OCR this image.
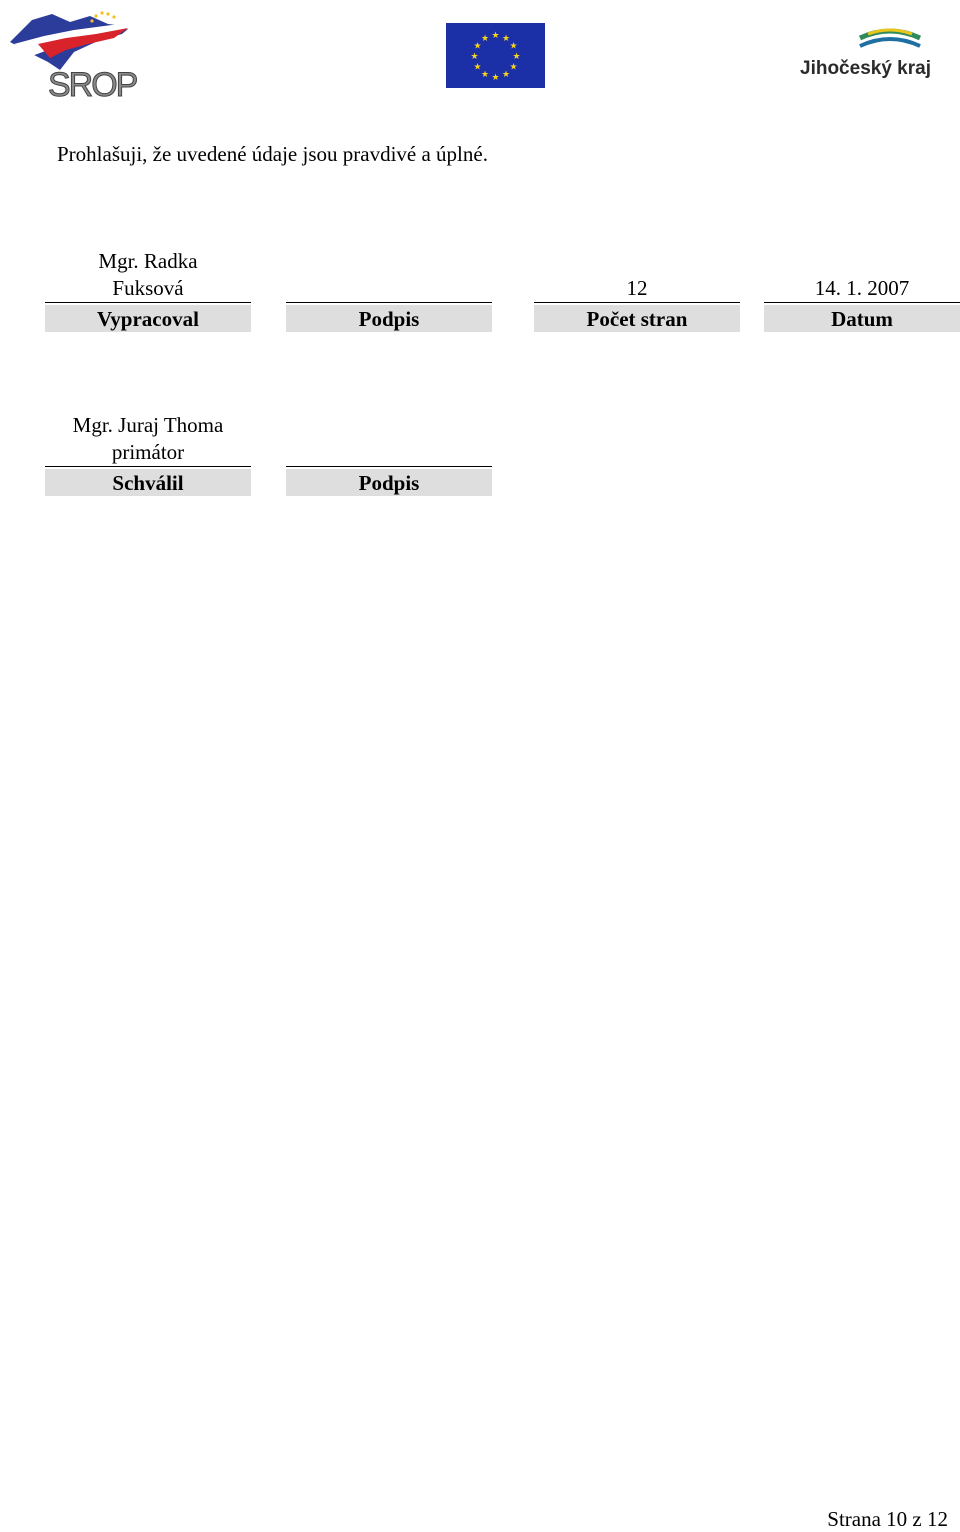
SROP
★ ★
★
★
★
★
★
★
★
★
★
★
Jihočeský kraj
Prohlašuji, že uvedené údaje jsou pravdivé a úplné.
Mgr. Radka
Fuksová
Vypracoval	Podpis
12
Počet stran
14. 1. 2007
Datum
Mgr. Juraj Thoma
primátor
Schválil	Podpis
Strana 10 z 12
